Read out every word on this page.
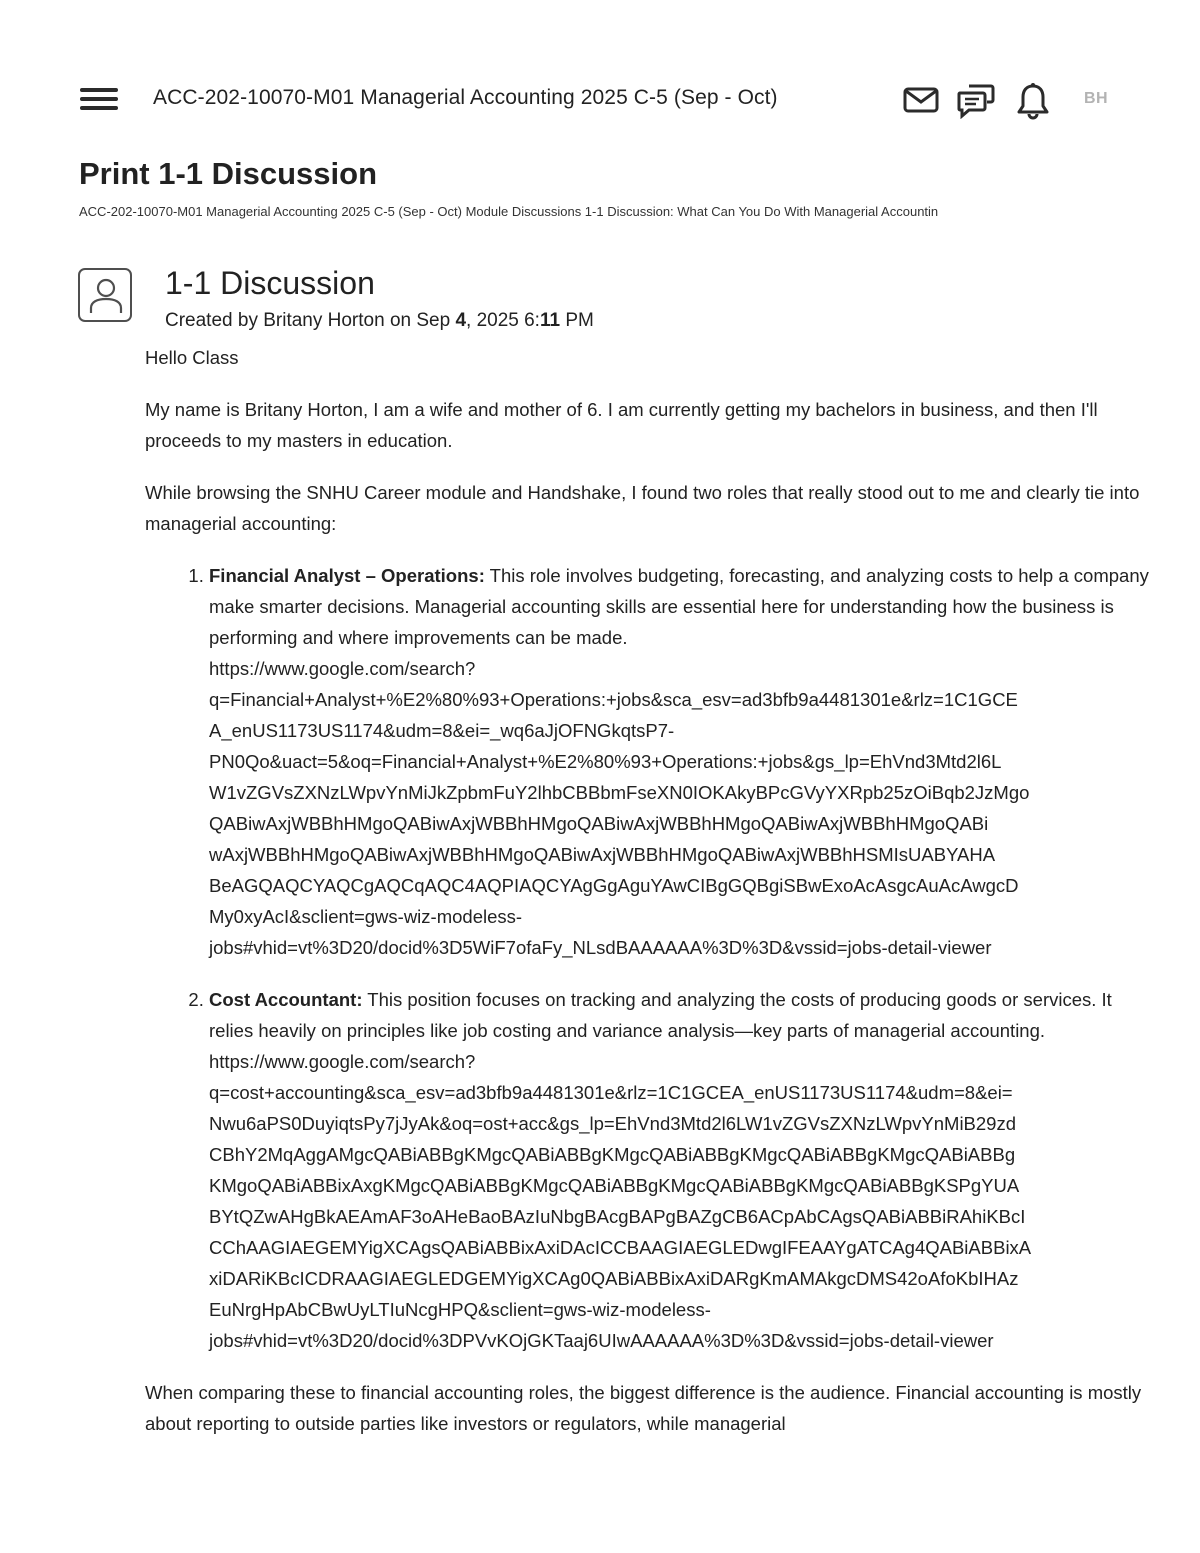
ACC-202-10070-M01 Managerial Accounting 2025 C-5 (Sep - Oct)	BH
Print 1-1 Discussion
ACC-202-10070-M01 Managerial Accounting 2025 C-5 (Sep - Oct) Module Discussions 1-1 Discussion: What Can You Do With Managerial Accountin
1-1 Discussion
Created by Britany Horton on Sep 4, 2025 6:11 PM

Hello Class

My name is Britany Horton, I am a wife and mother of 6. I am currently getting my bachelors in business, and then I'll proceeds to my masters in education.

While browsing the SNHU Career module and Handshake, I found two roles that really stood out to me and clearly tie into managerial accounting:

1. Financial Analyst – Operations: This role involves budgeting, forecasting, and analyzing costs to help a company make smarter decisions. Managerial accounting skills are essential here for understanding how the business is performing and where improvements can be made.
https://www.google.com/search?
q=Financial+Analyst+%E2%80%93+Operations:+jobs&sca_esv=ad3bfb9a4481301e&rlz=1C1GCE
A_enUS1173US1174&udm=8&ei=_wq6aJjOFNGkqtsP7-
PN0Qo&uact=5&oq=Financial+Analyst+%E2%80%93+Operations:+jobs&gs_lp=EhVnd3Mtd2l6L
W1vZGVsZXNzLWpvYnMiJkZpbmFuY2lhbCBBbmFseXN0IOKAkyBPcGVyYXRpb25zOiBqb2JzMgo
QABiwAxjWBBhHMgoQABiwAxjWBBhHMgoQABiwAxjWBBhHMgoQABiwAxjWBBhHMgoQABi
wAxjWBBhHMgoQABiwAxjWBBhHMgoQABiwAxjWBBhHMgoQABiwAxjWBBhHSMIsUABYAHA
BeAGQAQCYAQCgAQCqAQC4AQPIAQCYAgGgAguYAwCIBgGQBgiSBwExoAcAsgcAuAcAwgcD
My0xyAcI&sclient=gws-wiz-modeless-
jobs#vhid=vt%3D20/docid%3D5WiF7ofaFy_NLsdBAAAAAA%3D%3D&vssid=jobs-detail-viewer
2. Cost Accountant: This position focuses on tracking and analyzing the costs of producing goods or services. It relies heavily on principles like job costing and variance analysis—key parts of managerial accounting.
https://www.google.com/search?
q=cost+accounting&sca_esv=ad3bfb9a4481301e&rlz=1C1GCEA_enUS1173US1174&udm=8&ei=
Nwu6aPS0DuyiqtsPy7jJyAk&oq=ost+acc&gs_lp=EhVnd3Mtd2l6LW1vZGVsZXNzLWpvYnMiB29zd
CBhY2MqAggAMgcQABiABBgKMgcQABiABBgKMgcQABiABBgKMgcQABiABBgKMgcQABiABBg
KMgoQABiABBixAxgKMgcQABiABBgKMgcQABiABBgKMgcQABiABBgKMgcQABiABBgKSPgYUA
BYtQZwAHgBkAEAmAF3oAHeBaoBAzIuNbgBAcgBAPgBAZgCB6ACpAbCAgsQABiABBiRAhiKBcI
CChAAGIAEGEMYigXCAgsQABiABBixAxiDAcICCBAAGIAEGLEDwgIFEAAYgATCAg4QABiABBixA
xiDARiKBcICDRAAGIAEGLEDGEMYigXCAg0QABiABBixAxiDARgKmAMAkgcDMS42oAfoKbIHAz
EuNrgHpAbCBwUyLTIuNcgHPQ&sclient=gws-wiz-modeless-
jobs#vhid=vt%3D20/docid%3DPVvKOjGKTaaj6UIwAAAAAA%3D%3D&vssid=jobs-detail-viewer

When comparing these to financial accounting roles, the biggest difference is the audience. Financial accounting is mostly about reporting to outside parties like investors or regulators, while managerial
